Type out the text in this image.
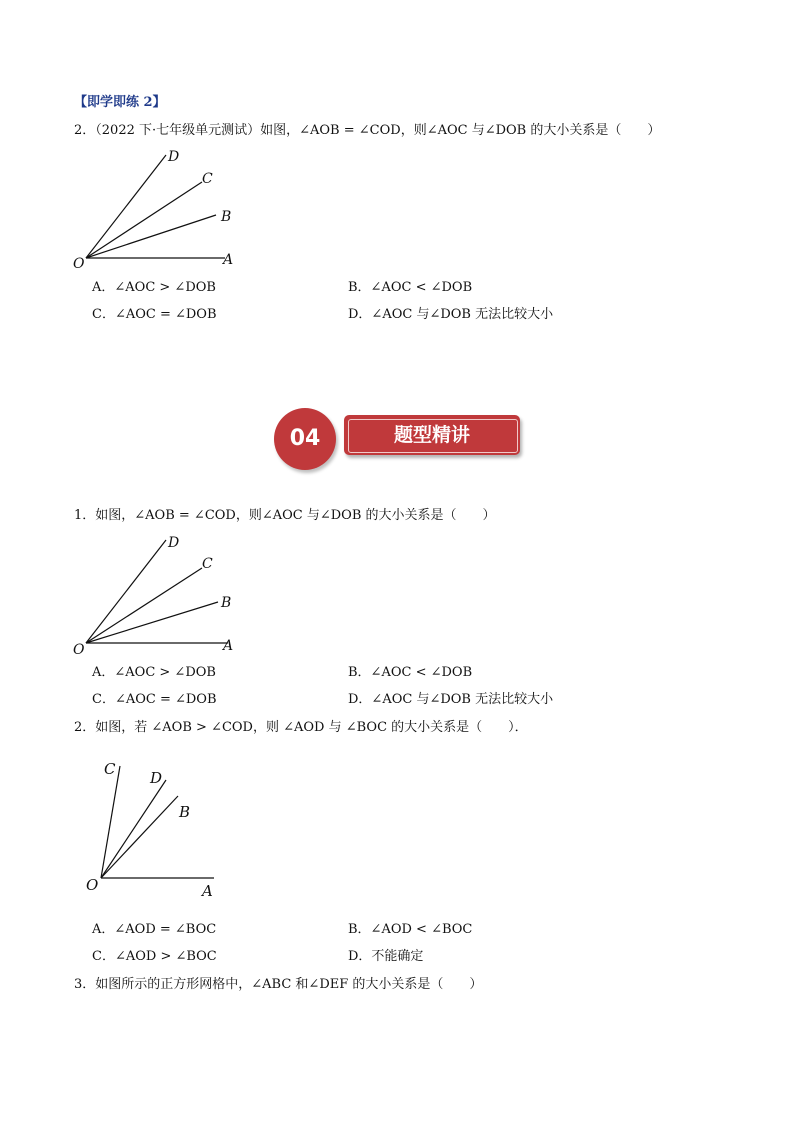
【即学即练 2】
2．（2022 下·七年级单元测试）如图，∠AOB = ∠COD，则∠AOC 与∠DOB 的大小关系是（　　）
D
C
B
O	A
A．∠AOC > ∠DOB	B．∠AOC < ∠DOB
C．∠AOC = ∠DOB	D．∠AOC 与∠DOB 无法比较大小
04	题型精讲
1．如图，∠AOB = ∠COD，则∠AOC 与∠DOB 的大小关系是（　　）
D
C
B
O	A
A．∠AOC > ∠DOB	B．∠AOC < ∠DOB
C．∠AOC = ∠DOB	D．∠AOC 与∠DOB 无法比较大小
2．如图，若 ∠AOB > ∠COD，则 ∠AOD 与 ∠BOC 的大小关系是（　　）．
C D
B
O	A
A．∠AOD = ∠BOC	B．∠AOD < ∠BOC
C．∠AOD > ∠BOC	D．不能确定
3．如图所示的正方形网格中，∠ABC 和∠DEF 的大小关系是（　　）
